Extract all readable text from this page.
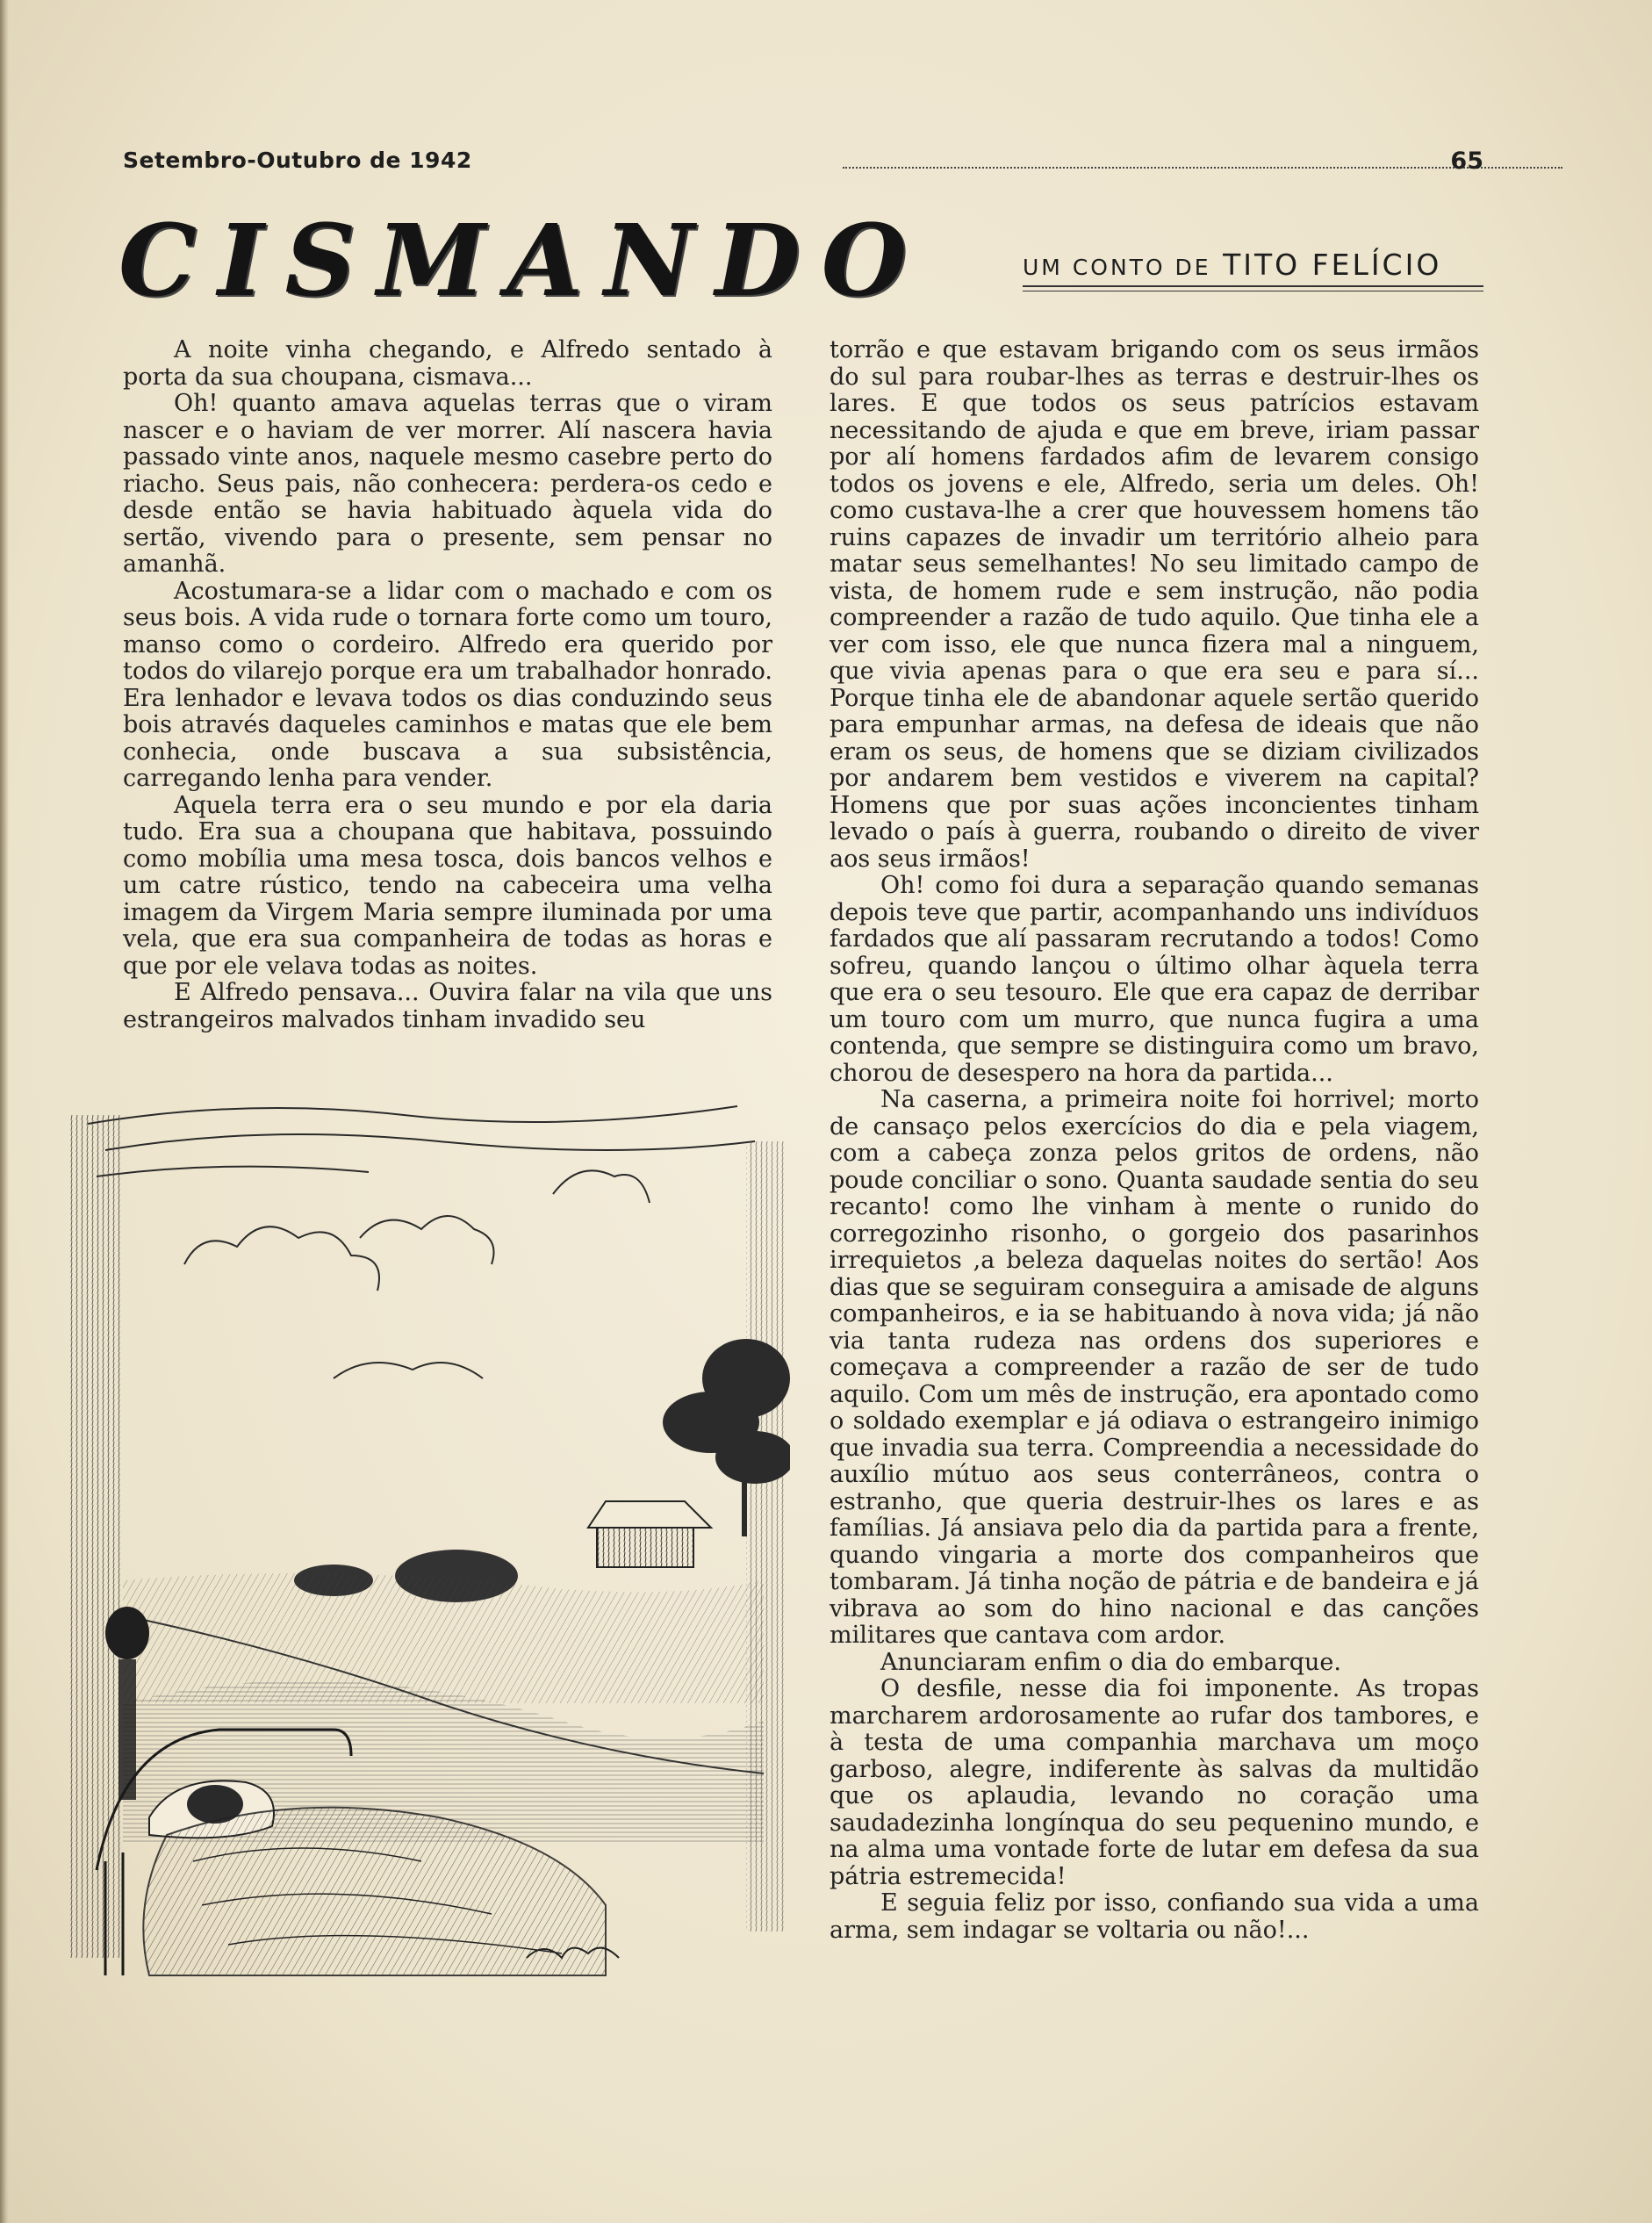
Setembro-Outubro de 1942	65
CISMANDO	UM CONTO DE TITO FELÍCIO

A noite vinha chegando, e Alfredo sentado à porta da sua choupana, cismava...

Oh! quanto amava aquelas terras que o viram nascer e o haviam de ver morrer. Alí nascera havia passado vinte anos, naquele mesmo casebre perto do riacho. Seus pais, não conhecera: perdera-os cedo e desde então se havia habituado àquela vida do sertão, vivendo para o presente, sem pensar no amanhã.

Acostumara-se a lidar com o machado e com os seus bois. A vida rude o tornara forte como um touro, manso como o cordeiro. Alfredo era querido por todos do vilarejo porque era um trabalhador honrado. Era lenhador e levava todos os dias conduzindo seus bois através daqueles caminhos e matas que ele bem conhecia, onde buscava a sua subsistência, carregando lenha para vender.

Aquela terra era o seu mundo e por ela daria tudo. Era sua a choupana que habitava, possuindo como mobília uma mesa tosca, dois bancos velhos e um catre rústico, tendo na cabeceira uma velha imagem da Virgem Maria sempre iluminada por uma vela, que era sua companheira de todas as horas e que por ele velava todas as noites.

E Alfredo pensava... Ouvira falar na vila que uns estrangeiros malvados tinham invadido seu

torrão e que estavam brigando com os seus irmãos do sul para roubar-lhes as terras e destruir-lhes os lares. E que todos os seus patrícios estavam necessitando de ajuda e que em breve, iriam passar por alí homens fardados afim de levarem consigo todos os jovens e ele, Alfredo, seria um deles. Oh! como custava-lhe a crer que houvessem homens tão ruins capazes de invadir um território alheio para matar seus semelhantes! No seu limitado campo de vista, de homem rude e sem instrução, não podia compreender a razão de tudo aquilo. Que tinha ele a ver com isso, ele que nunca fizera mal a ninguem, que vivia apenas para o que era seu e para sí... Porque tinha ele de abandonar aquele sertão querido para empunhar armas, na defesa de ideais que não eram os seus, de homens que se diziam civilizados por andarem bem vestidos e viverem na capital? Homens que por suas ações inconcientes tinham levado o país à guerra, roubando o direito de viver aos seus irmãos!

Oh! como foi dura a separação quando semanas depois teve que partir, acompanhando uns indivíduos fardados que alí passaram recrutando a todos! Como sofreu, quando lançou o último olhar àquela terra que era o seu tesouro. Ele que era capaz de derribar um touro com um murro, que nunca fugira a uma contenda, que sempre se distinguira como um bravo, chorou de desespero na hora da partida...

Na caserna, a primeira noite foi horrivel; morto de cansaço pelos exercícios do dia e pela viagem, com a cabeça zonza pelos gritos de ordens, não poude conciliar o sono. Quanta saudade sentia do seu recanto! como lhe vinham à mente o runido do corregozinho risonho, o gorgeio dos pasarinhos irrequietos ,a beleza daquelas noites do sertão! Aos dias que se seguiram conseguira a amisade de alguns companheiros, e ia se habituando à nova vida; já não via tanta rudeza nas ordens dos superiores e começava a compreender a razão de ser de tudo aquilo. Com um mês de instrução, era apontado como o soldado exemplar e já odiava o estrangeiro inimigo que invadia sua terra. Compreendia a necessidade do auxílio mútuo aos seus conterrâneos, contra o estranho, que queria destruir-lhes os lares e as famílias. Já ansiava pelo dia da partida para a frente, quando vingaria a morte dos companheiros que tombaram. Já tinha noção de pátria e de bandeira e já vibrava ao som do hino nacional e das canções militares que cantava com ardor.

Anunciaram enfim o dia do embarque.

O desfile, nesse dia foi imponente. As tropas marcharem ardorosamente ao rufar dos tambores, e à testa de uma companhia marchava um moço garboso, alegre, indiferente às salvas da multidão que os aplaudia, levando no coração uma saudadezinha longínqua do seu pequenino mundo, e na alma uma vontade forte de lutar em defesa da sua pátria estremecida!

E seguia feliz por isso, confiando sua vida a uma arma, sem indagar se voltaria ou não!...
